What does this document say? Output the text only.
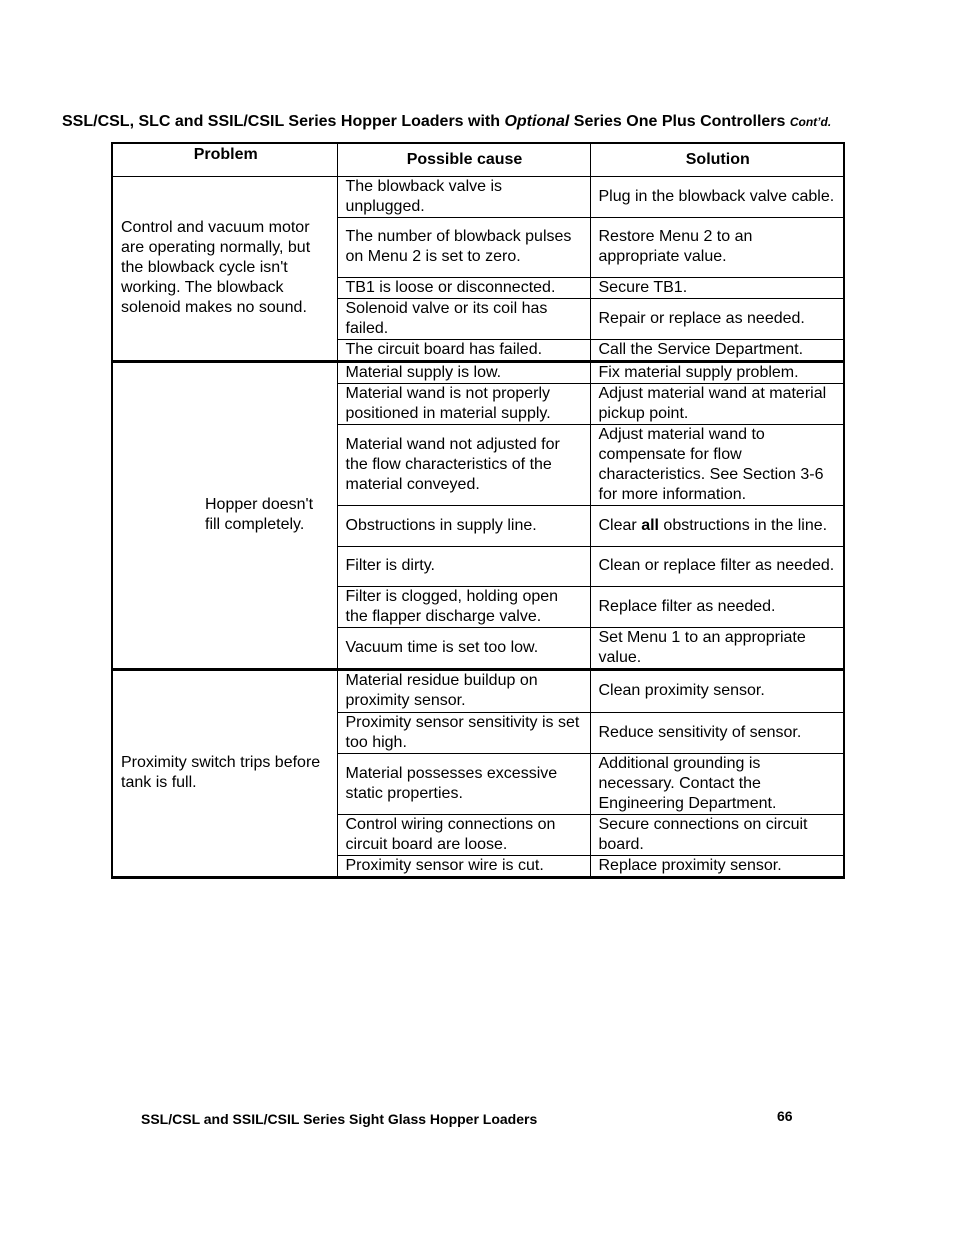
SSL/CSL, SLC and SSIL/CSIL Series Hopper Loaders with Optional Series One Plus Controllers Cont’d.
Problem	Possible cause	Solution
Control and vacuum motor are operating normally, but the blowback cycle isn't working. The blowback solenoid makes no sound.	The blowback valve is unplugged.	Plug in the blowback valve cable.
	The number of blowback pulses on Menu 2 is set to zero.	Restore Menu 2 to an appropriate value.
	TB1 is loose or disconnected.	Secure TB1.
	Solenoid valve or its coil has failed.	Repair or replace as needed.
	The circuit board has failed.	Call the Service Department.
Hopper doesn't fill completely.	Material supply is low.	Fix material supply problem.
	Material wand is not properly positioned in material supply.	Adjust material wand at material pickup point.
	Material wand not adjusted for the flow characteristics of the material conveyed.	Adjust material wand to compensate for flow characteristics. See Section 3-6 for more information.
	Obstructions in supply line.	Clear all obstructions in the line.
	Filter is dirty.	Clean or replace filter as needed.
	Filter is clogged, holding open the flapper discharge valve.	Replace filter as needed.
	Vacuum time is set too low.	Set Menu 1 to an appropriate value.
Proximity switch trips before tank is full.	Material residue buildup on proximity sensor.	Clean proximity sensor.
	Proximity sensor sensitivity is set too high.	Reduce sensitivity of sensor.
	Material possesses excessive static properties.	Additional grounding is necessary. Contact the Engineering Department.
	Control wiring connections on circuit board are loose.	Secure connections on circuit board.
	Proximity sensor wire is cut.	Replace proximity sensor.
SSL/CSL and SSIL/CSIL Series Sight Glass Hopper Loaders	66
